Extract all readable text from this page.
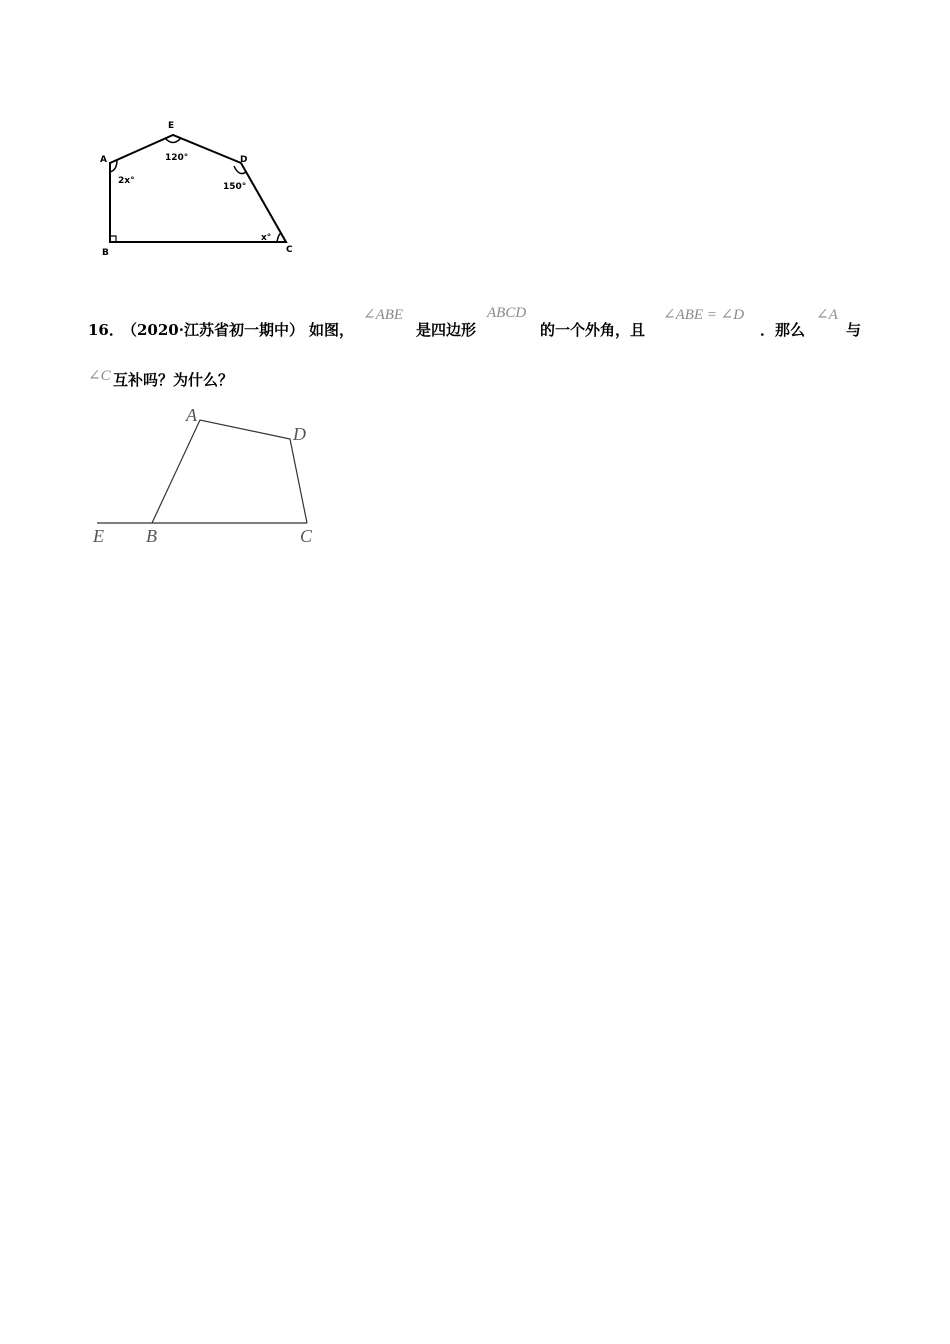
E
A	D
B	C
120°
2x°
150°
x°
16．
（2020·江苏省初一期中） 如图，
∠ABE
是四边形
ABCD
的一个外角，且
∠ABE = ∠D
．那么
∠A
与
∠C 互补吗？为什么？
A
D
E B	C
